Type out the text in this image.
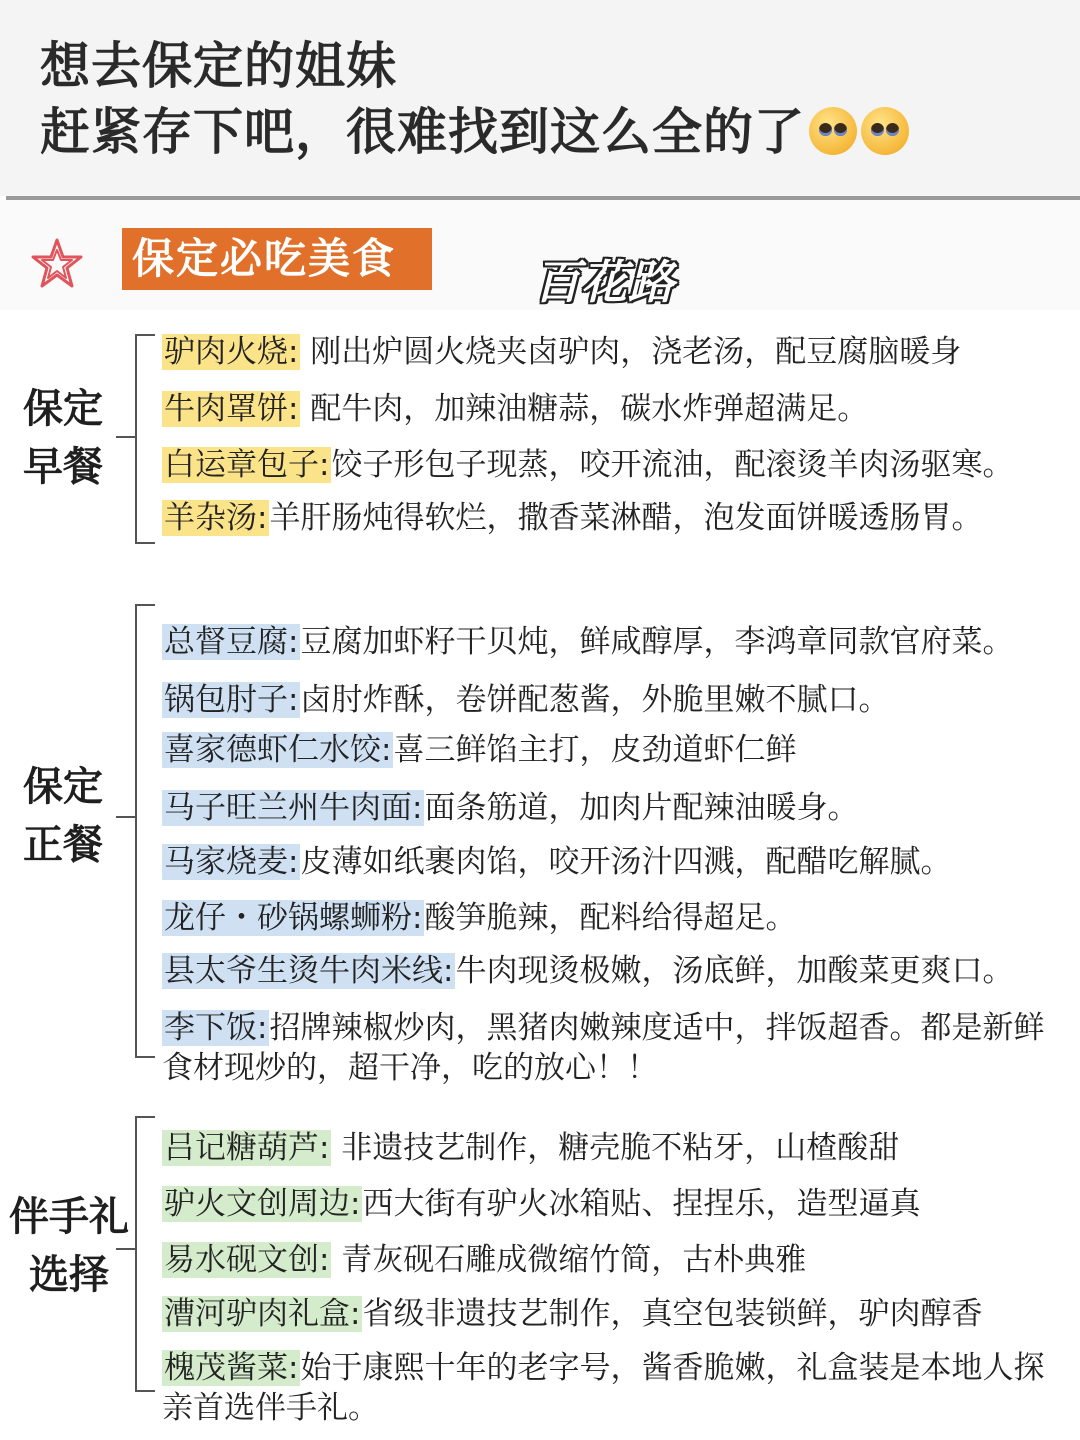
想去保定的姐妹
赶紧存下吧，很难找到这么全的了
保定必吃美食	百花路
保定
早餐
驴肉火烧: 刚出炉圆火烧夹卤驴肉，浇老汤，配豆腐脑暖身
牛肉罩饼: 配牛肉，加辣油糖蒜，碳水炸弹超满足。
白运章包子:饺子形包子现蒸，咬开流油，配滚烫羊肉汤驱寒。
羊杂汤:羊肝肠炖得软烂，撒香菜淋醋，泡发面饼暖透肠胃。
保定
正餐
总督豆腐:豆腐加虾籽干贝炖，鲜咸醇厚，李鸿章同款官府菜。
锅包肘子:卤肘炸酥，卷饼配葱酱，外脆里嫩不腻口。
喜家德虾仁水饺:喜三鲜馅主打，皮劲道虾仁鲜
马子旺兰州牛肉面:面条筋道，加肉片配辣油暖身。
马家烧麦:皮薄如纸裹肉馅，咬开汤汁四溅，配醋吃解腻。
龙仔・砂锅螺蛳粉:酸笋脆辣，配料给得超足。
县太爷生烫牛肉米线:牛肉现烫极嫩，汤底鲜，加酸菜更爽口。
李下饭:招牌辣椒炒肉，黑猪肉嫩辣度适中，拌饭超香。都是新鲜食材现炒的，超干净，吃的放心！！
伴手礼
选择
吕记糖葫芦: 非遗技艺制作，糖壳脆不粘牙，山楂酸甜
驴火文创周边:西大街有驴火冰箱贴、捏捏乐，造型逼真
易水砚文创: 青灰砚石雕成微缩竹简，古朴典雅
漕河驴肉礼盒:省级非遗技艺制作，真空包装锁鲜，驴肉醇香
槐茂酱菜:始于康熙十年的老字号，酱香脆嫩，礼盒装是本地人探亲首选伴手礼。
